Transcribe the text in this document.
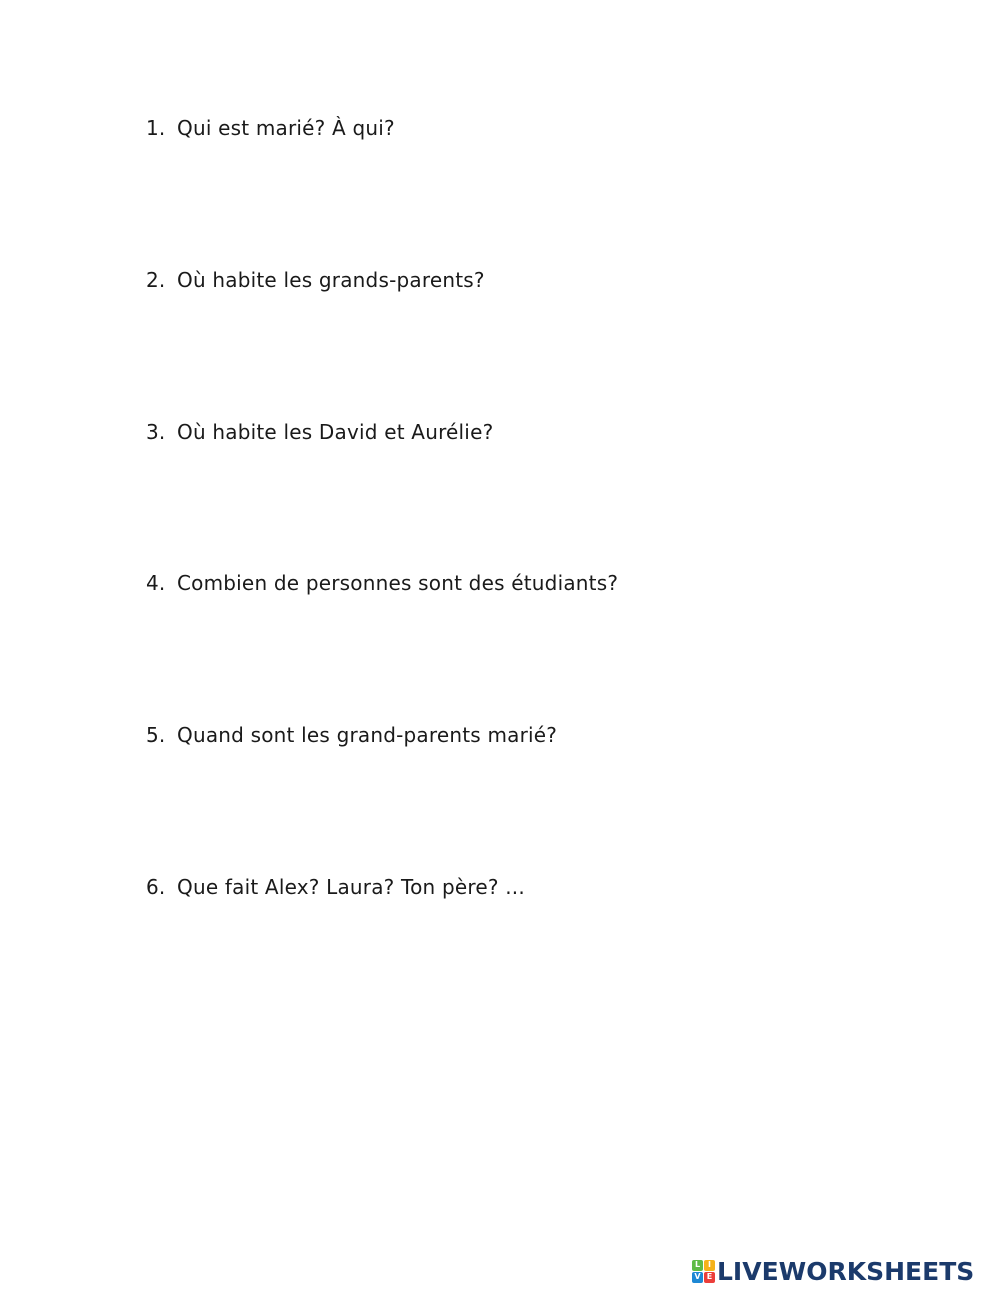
1. Qui est marié? À qui?
2. Où habite les grands-parents?
3. Où habite les David et Aurélie?
4. Combien de personnes sont des étudiants?
5. Quand sont les grand-parents marié?
6. Que fait Alex? Laura? Ton père? ...
L I
V E LIVEWORKSHEETS
